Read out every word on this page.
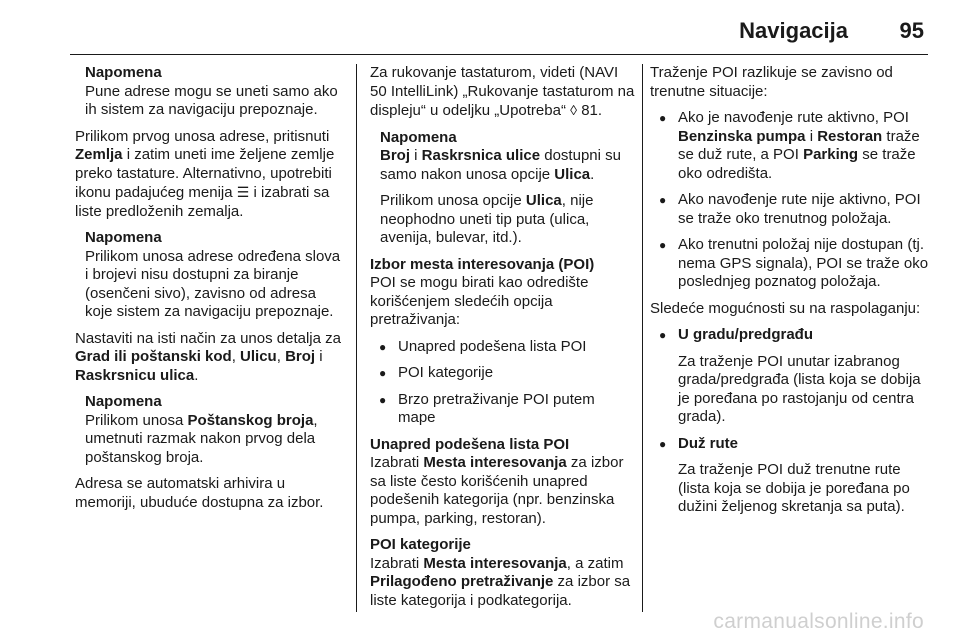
Navigacija 95
Napomena

Pune adrese mogu se uneti samo ako ih sistem za navigaciju prepoznaje.

Prilikom prvog unosa adrese, pritisnuti Zemlja i zatim uneti ime željene zemlje preko tastature. Alternativno, upotrebiti ikonu padajućeg menija ☰ i izabrati sa liste predloženih zemalja.

Napomena

Prilikom unosa adrese određena slova i brojevi nisu dostupni za biranje (osenčeni sivo), zavisno od adresa koje sistem za navigaciju prepoznaje.

Nastaviti na isti način za unos detalja za Grad ili poštanski kod, Ulicu, Broj i Raskrsnicu ulica.

Napomena

Prilikom unosa Poštanskog broja, umetnuti razmak nakon prvog dela poštanskog broja.

Adresa se automatski arhivira u memoriji, ubuduće dostupna za izbor.

Za rukovanje tastaturom, videti (NAVI 50 IntelliLink) „Rukovanje tastaturom na displeju“ u odeljku „Upotreba“ ◊ 81.

Napomena

Broj i Raskrsnica ulice dostupni su samo nakon unosa opcije Ulica.

Prilikom unosa opcije Ulica, nije neophodno uneti tip puta (ulica, avenija, bulevar, itd.).

Izbor mesta interesovanja (POI)

POI se mogu birati kao odredište korišćenjem sledećih opcija pretraživanja:

● Unapred podešena lista POI
● POI kategorije
● Brzo pretraživanje POI putem mape
Unapred podešena lista POI

Izabrati Mesta interesovanja za izbor sa liste često korišćenih unapred podešenih kategorija (npr. benzinska pumpa, parking, restoran).

POI kategorije

Izabrati Mesta interesovanja, a zatim Prilagođeno pretraživanje za izbor sa liste kategorija i podkategorija.

Traženje POI razlikuje se zavisno od trenutne situacije:

● Ako je navođenje rute aktivno, POI Benzinska pumpa i Restoran traže se duž rute, a POI Parking se traže oko odredišta.
● Ako navođenje rute nije aktivno, POI se traže oko trenutnog položaja.
● Ako trenutni položaj nije dostupan (tj. nema GPS signala), POI se traže oko poslednjeg poznatog položaja.

Sledeće mogućnosti su na raspolaganju:

● U gradu/predgrađu
Za traženje POI unutar izabranog grada/predgrađa (lista koja se dobija je poređana po rastojanju od centra grada).
● Duž rute
Za traženje POI duž trenutne rute (lista koja se dobija je poređana po dužini željenog skretanja sa puta).
carmanualsonline.info
